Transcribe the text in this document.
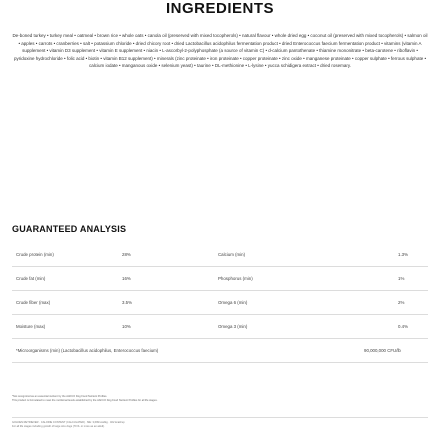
INGREDIENTS
De-boned turkey • turkey meal • oatmeal • brown rice • whole oats • canola oil (preserved with mixed tocopherols) • natural flavour • whole dried egg • coconut oil (preserved with mixed tocopherols) • salmon oil • apples • carrots • cranberries • salt • potassium chloride • dried chicory root • dried Lactobacillus acidophilus fermentation product • dried Enterococcus faecium fermentation product • vitamins (vitamin A supplement • vitamin D3 supplement • vitamin E supplement • niacin • L-ascorbyl-2-polyphosphate (a source of vitamin C) • d-calcium pantothenate • thiamine mononitrate • beta-carotene • riboflavin • pyridoxine hydrochloride • folic acid • biotin • vitamin B12 supplement) • minerals (zinc proteinate • iron proteinate • copper proteinate • zinc oxide • manganese proteinate • copper sulphate • ferrous sulphate • calcium iodate • manganous oxide • selenium yeast) • taurine • DL-methionine • L-lysine • yucca schidigera extract • dried rosemary.
GUARANTEED ANALYSIS
Crude protein (min)	28%	Calcium (min)	1.3%
Crude fat (min)	16%	Phosphorus (min)	1%
Crude fiber (max)	3.5%	Omega 6 (min)	2%
Moisture (max)	10%	Omega 3 (min)	0.4%
*Microorganisms (min) (Lactobacillus acidophilus, Enterococcus faecium)	90,000,000 CFU/lb
*Not recognized as an essential nutrient by the AAFCO Dog Food Nutrient Profiles.
This product is formulated to meet the nutritional levels established by the AAFCO Dog Food Nutrient Profiles for all life stages.
GOLDEN RETRIEVER · CALORIE CONTENT (CALCULATED) · ME: 3,699 kcal/kg · 402 kcal/cup
For all life stages including growth of large size dogs (70 lb. or more as an adult).
